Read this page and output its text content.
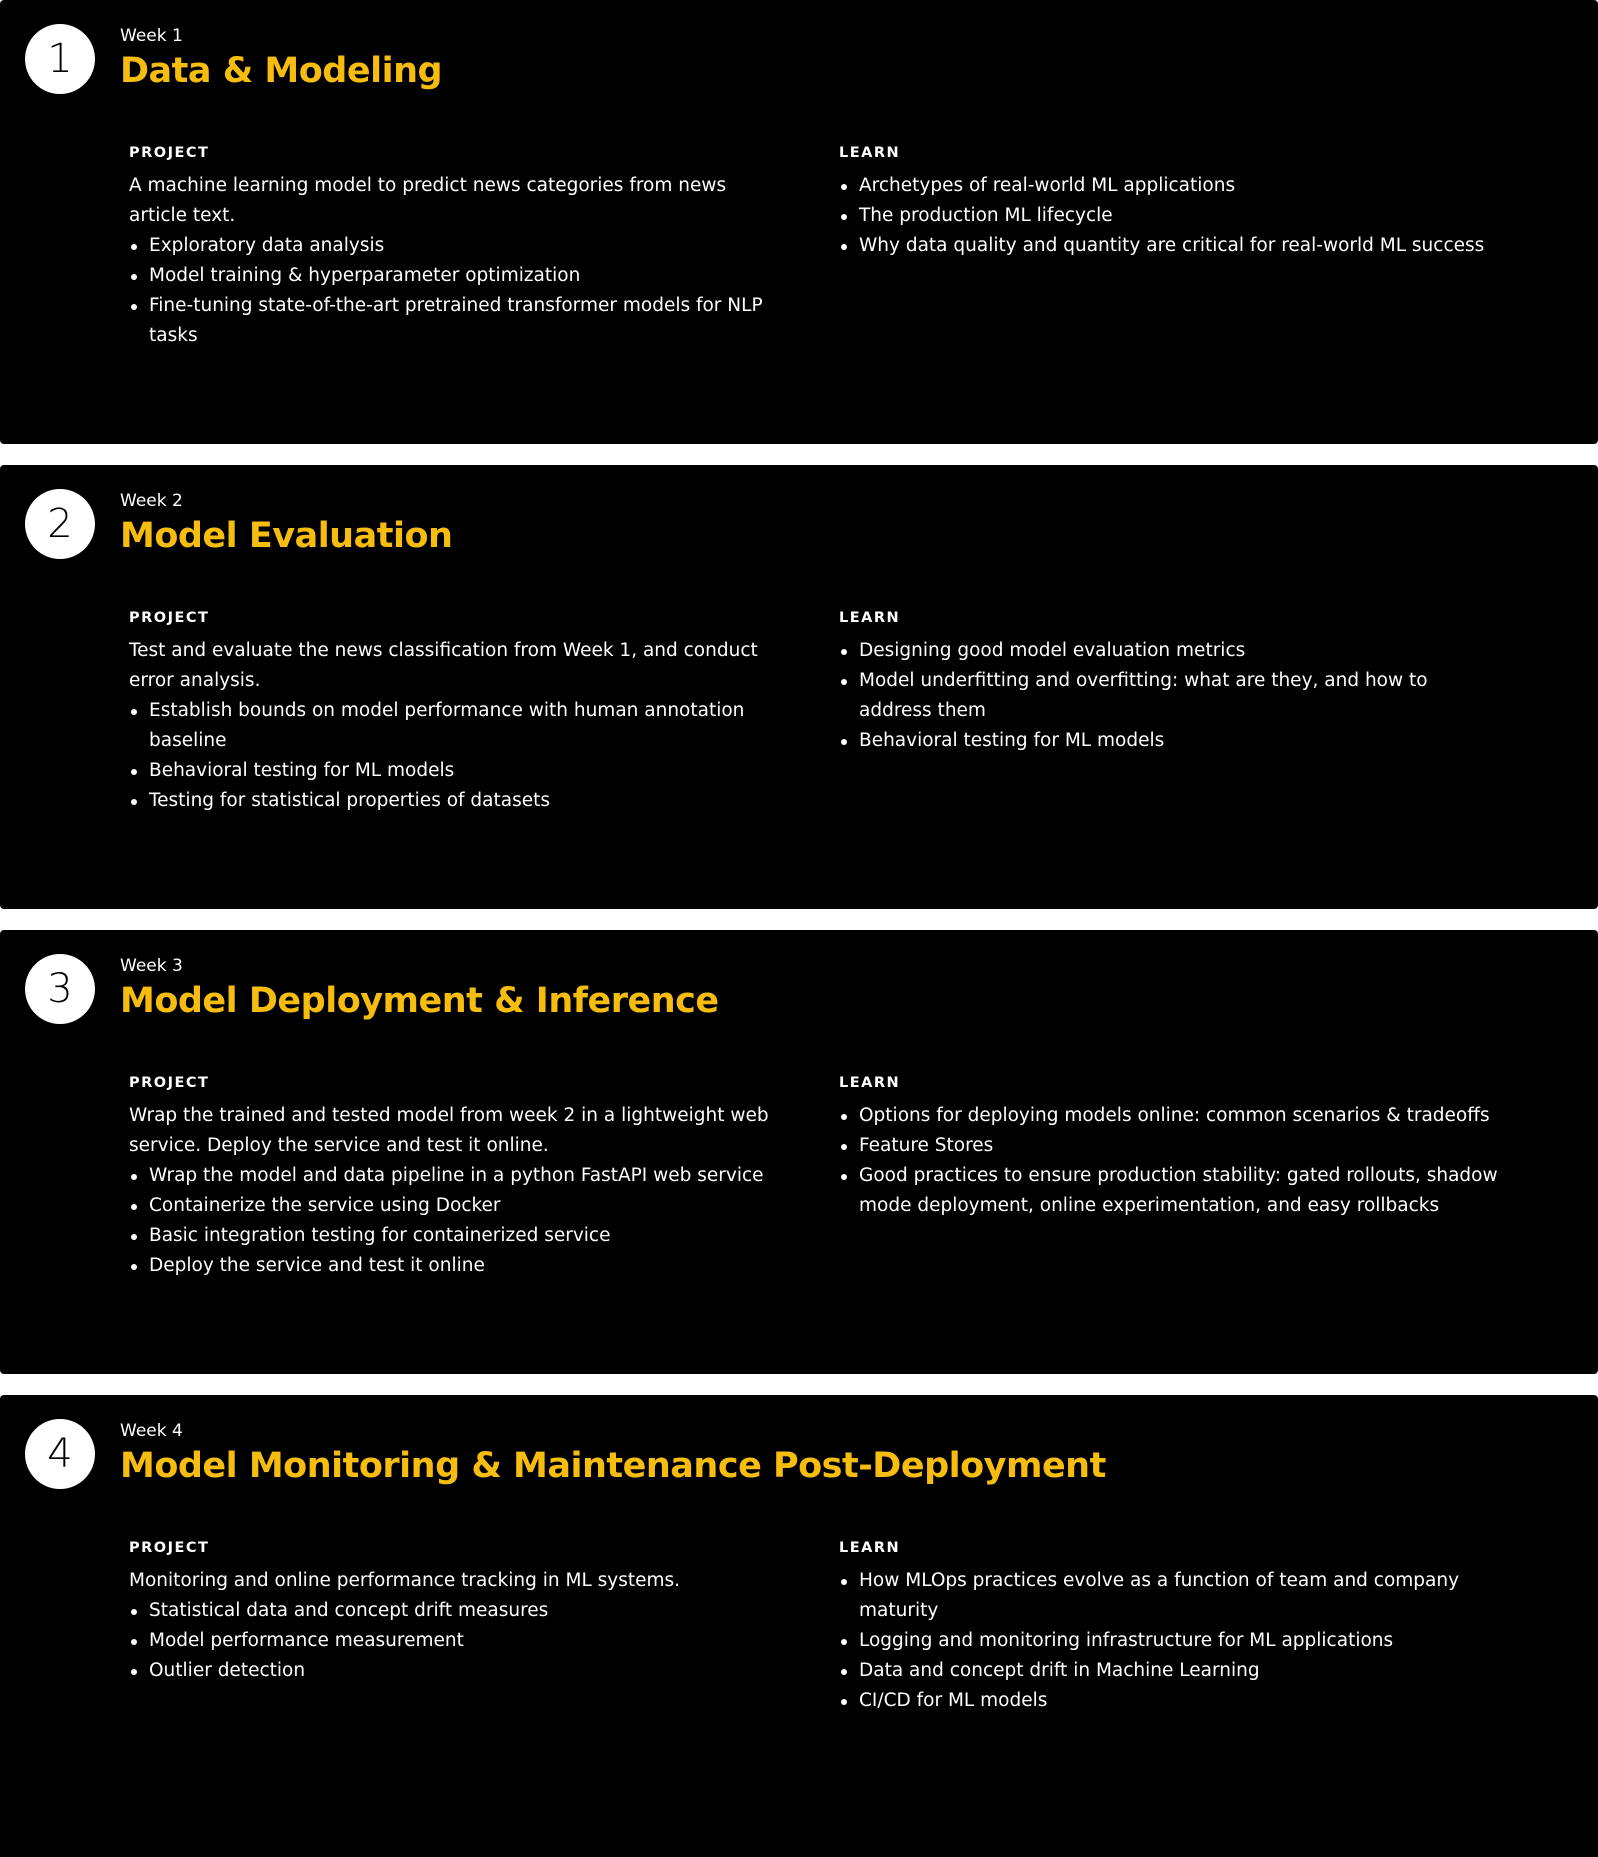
1	Week 1
Data & Modeling
PROJECT
A machine learning model to predict news categories from news article text.
Exploratory data analysis
Model training & hyperparameter optimization
Fine-tuning state-of-the-art pretrained transformer models for NLP tasks
LEARN
Archetypes of real-world ML applications
The production ML lifecycle
Why data quality and quantity are critical for real-world ML success
2	Week 2
Model Evaluation
PROJECT
Test and evaluate the news classification from Week 1, and conduct error analysis.
Establish bounds on model performance with human annotation baseline
Behavioral testing for ML models
Testing for statistical properties of datasets
LEARN
Designing good model evaluation metrics
Model underfitting and overfitting: what are they, and how to address them
Behavioral testing for ML models
3	Week 3
Model Deployment & Inference
PROJECT
Wrap the trained and tested model from week 2 in a lightweight web service. Deploy the service and test it online.
Wrap the model and data pipeline in a python FastAPI web service
Containerize the service using Docker
Basic integration testing for containerized service
Deploy the service and test it online
LEARN
Options for deploying models online: common scenarios & tradeoffs
Feature Stores
Good practices to ensure production stability: gated rollouts, shadow mode deployment, online experimentation, and easy rollbacks
4	Week 4
Model Monitoring & Maintenance Post-Deployment
PROJECT
Monitoring and online performance tracking in ML systems.
Statistical data and concept drift measures
Model performance measurement
Outlier detection
LEARN
How MLOps practices evolve as a function of team and company maturity
Logging and monitoring infrastructure for ML applications
Data and concept drift in Machine Learning
CI/CD for ML models
